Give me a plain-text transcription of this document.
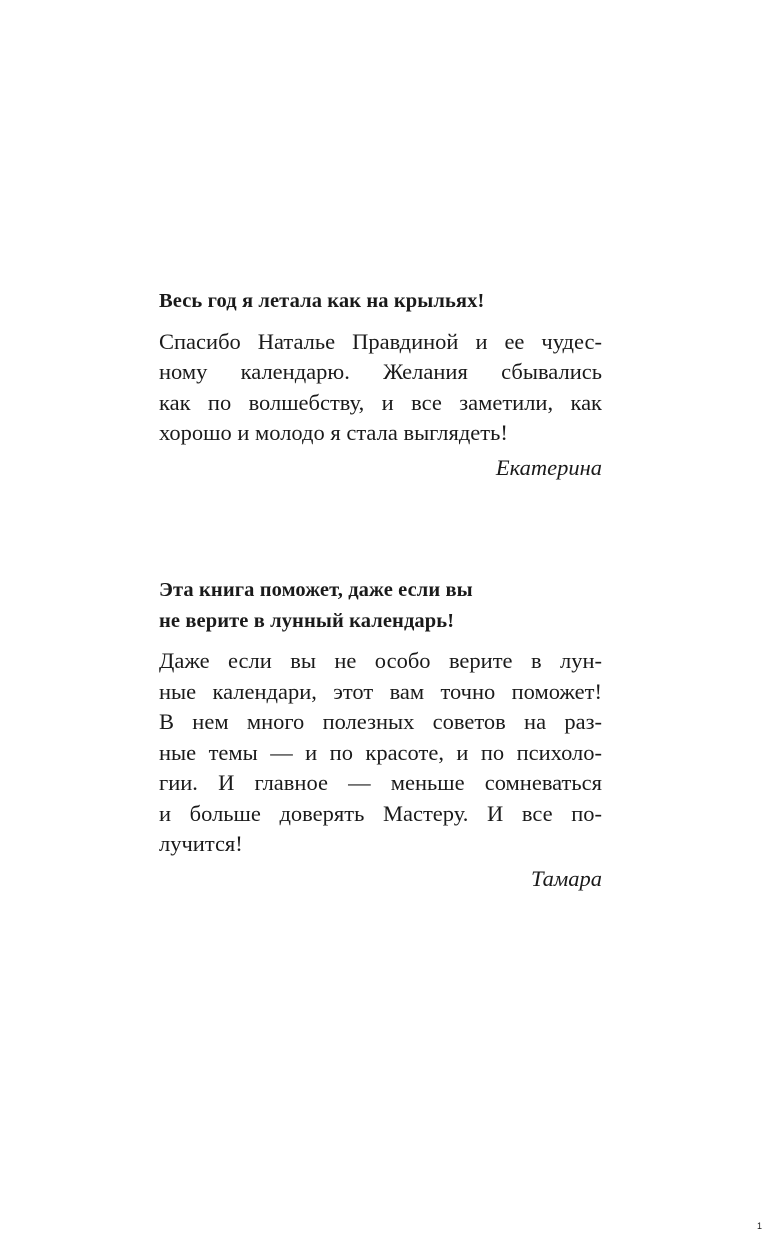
Весь год я летала как на крыльях!
Спасибо Наталье Правдиной и ее чудес-
ному календарю. Желания сбывались
как по волшебству, и все заметили, как
хорошо и молодо я стала выглядеть!
Екатерина
Эта книга поможет, даже если вы
не верите в лунный календарь!
Даже если вы не особо верите в лун-
ные календари, этот вам точно поможет!
В нем много полезных советов на раз-
ные темы — и по красоте, и по психоло-
гии. И главное — меньше сомневаться
и больше доверять Мастеру. И все по-
лучится!
Тамара
1
